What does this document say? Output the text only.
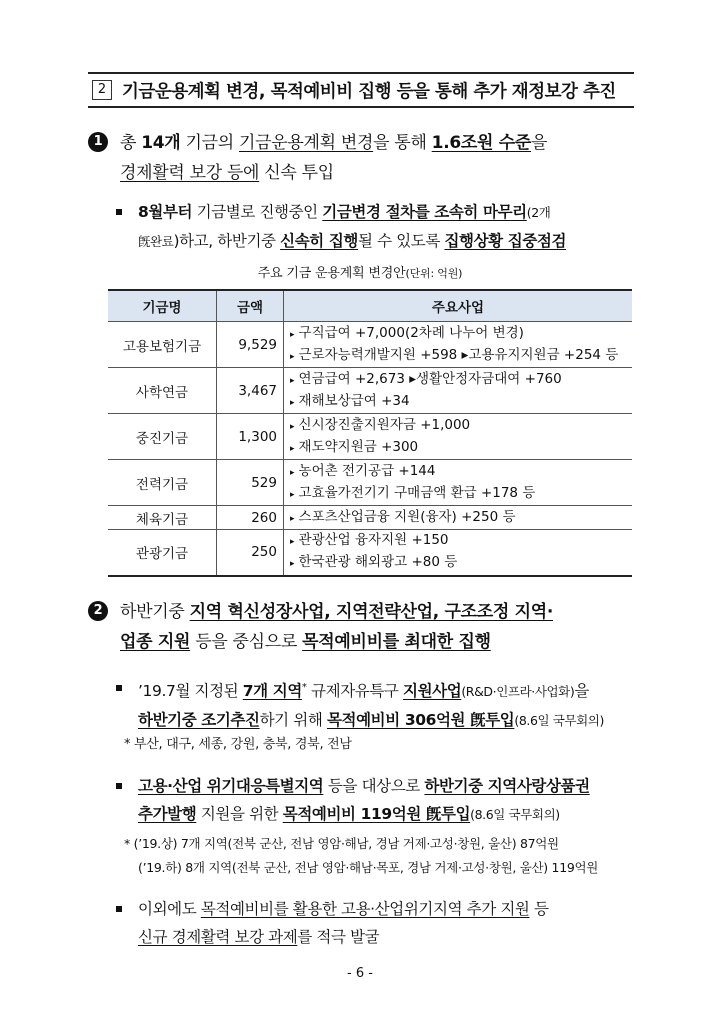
2 기금운용계획 변경, 목적예비비 집행 등을 통해 추가 재정보강 추진
1	총 14개 기금의 기금운용계획 변경을 통해 1.6조원 수준을
경제활력 보강 등에 신속 투입
8월부터 기금별로 진행중인 기금변경 절차를 조속히 마무리(2개
旣완료)하고, 하반기중 신속히 집행될 수 있도록 집행상황 집중점검
주요 기금 운용계획 변경안(단위: 억원)
기금명	금액	주요사업
고용보험기금	9,529	▸ 구직급여 +7,000(2차례 나누어 변경)
▸ 근로자능력개발지원 +598 ▸고용유지지원금 +254 등

사학연금	3,467	▸ 연금급여 +2,673 ▸생활안정자금대여 +760
▸ 재해보상급여 +34

중진기금	1,300	▸ 신시장진출지원자금 +1,000
▸ 재도약지원금 +300

전력기금	529	▸ 농어촌 전기공급 +144
▸ 고효율가전기기 구매금액 환급 +178 등

체육기금	260	▸ 스포츠산업금융 지원(융자) +250 등

관광기금	250	▸ 관광산업 융자지원 +150
▸ 한국관광 해외광고 +80 등
2	하반기중 지역 혁신성장사업, 지역전략산업, 구조조정 지역·
업종 지원 등을 중심으로 목적예비비를 최대한 집행
’19.7월 지정된 7개 지역* 규제자유특구 지원사업(R&D·인프라·사업화)을
하반기중 조기추진하기 위해 목적예비비 306억원 旣투입(8.6일 국무회의)
* 부산, 대구, 세종, 강원, 충북, 경북, 전남
고용·산업 위기대응특별지역 등을 대상으로 하반기중 지역사랑상품권
추가발행 지원을 위한 목적예비비 119억원 旣투입(8.6일 국무회의)
* (’19.상) 7개 지역(전북 군산, 전남 영암·해남, 경남 거제·고성·창원, 울산) 87억원
(’19.하) 8개 지역(전북 군산, 전남 영암·해남·목포, 경남 거제·고성·창원, 울산) 119억원
이외에도 목적예비비를 활용한 고용·산업위기지역 추가 지원 등
신규 경제활력 보강 과제를 적극 발굴
- 6 -
